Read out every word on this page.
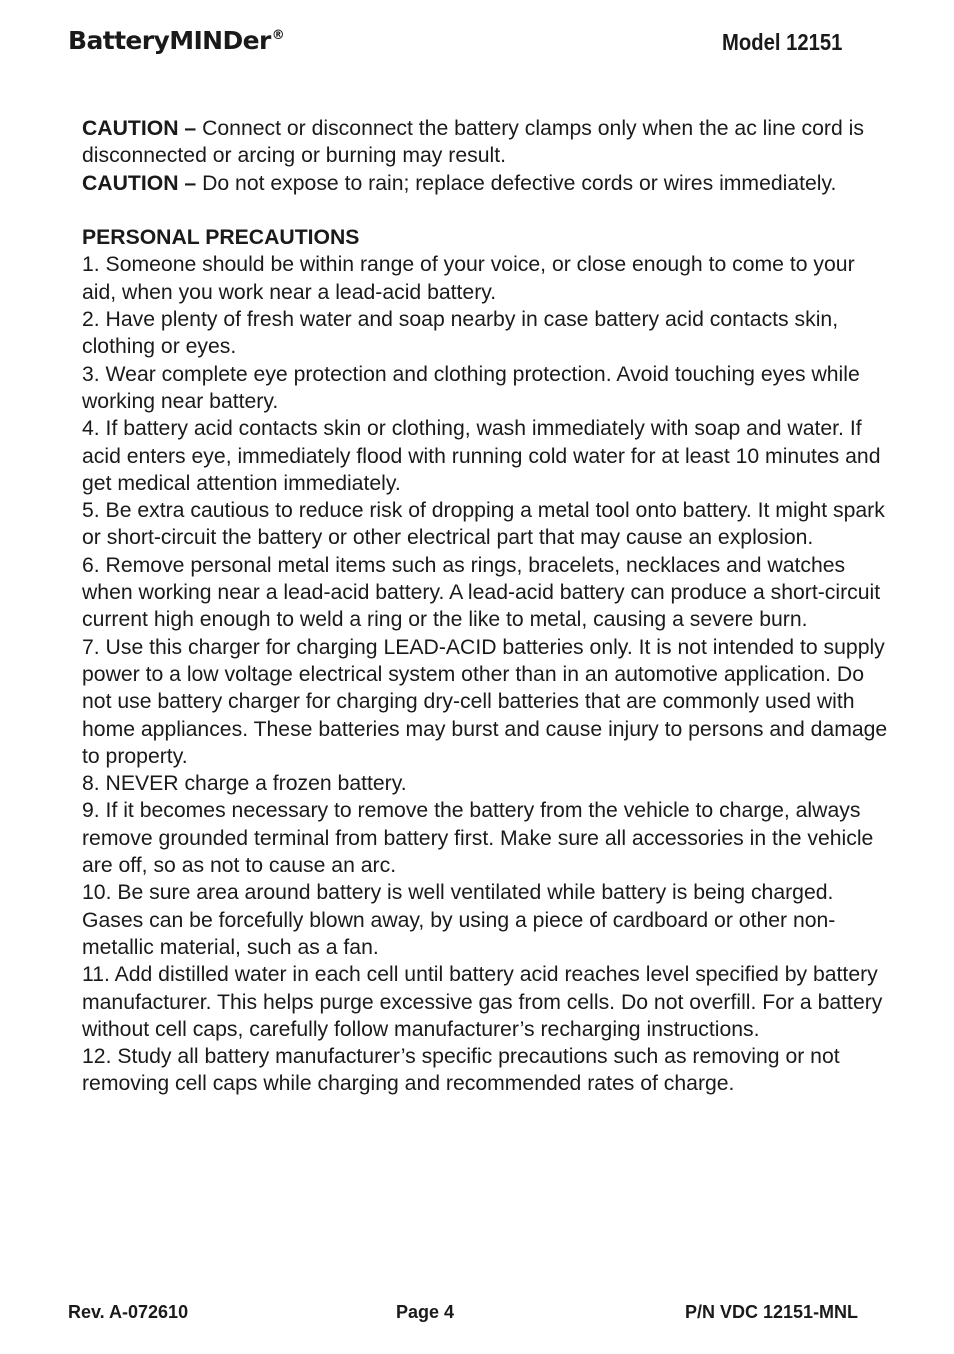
BatteryMINDer®	Model 12151

CAUTION – Connect or disconnect the battery clamps only when the ac line cord is disconnected or arcing or burning may result.

CAUTION – Do not expose to rain; replace defective cords or wires immediately.

PERSONAL PRECAUTIONS

1. Someone should be within range of your voice, or close enough to come to your aid, when you work near a lead-acid battery.

2. Have plenty of fresh water and soap nearby in case battery acid contacts skin, clothing or eyes.

3. Wear complete eye protection and clothing protection. Avoid touching eyes while working near battery.

4. If battery acid contacts skin or clothing, wash immediately with soap and water. If acid enters eye, immediately flood with running cold water for at least 10 minutes and get medical attention immediately.

5. Be extra cautious to reduce risk of dropping a metal tool onto battery. It might spark or short-circuit the battery or other electrical part that may cause an explosion.

6. Remove personal metal items such as rings, bracelets, necklaces and watches when working near a lead-acid battery. A lead-acid battery can produce a short-circuit current high enough to weld a ring or the like to metal, causing a severe burn.

7. Use this charger for charging LEAD-ACID batteries only. It is not intended to supply power to a low voltage electrical system other than in an automotive application. Do not use battery charger for charging dry-cell batteries that are commonly used with home appliances. These batteries may burst and cause injury to persons and damage to property.

8. NEVER charge a frozen battery.

9. If it becomes necessary to remove the battery from the vehicle to charge, always remove grounded terminal from battery first. Make sure all accessories in the vehicle are off, so as not to cause an arc.

10. Be sure area around battery is well ventilated while battery is being charged. Gases can be forcefully blown away, by using a piece of cardboard or other non-metallic material, such as a fan.

11. Add distilled water in each cell until battery acid reaches level specified by battery manufacturer. This helps purge excessive gas from cells. Do not overfill. For a battery without cell caps, carefully follow manufacturer’s recharging instructions.

12. Study all battery manufacturer’s specific precautions such as removing or not removing cell caps while charging and recommended rates of charge.

Rev. A-072610	Page 4	P/N VDC 12151-MNL
